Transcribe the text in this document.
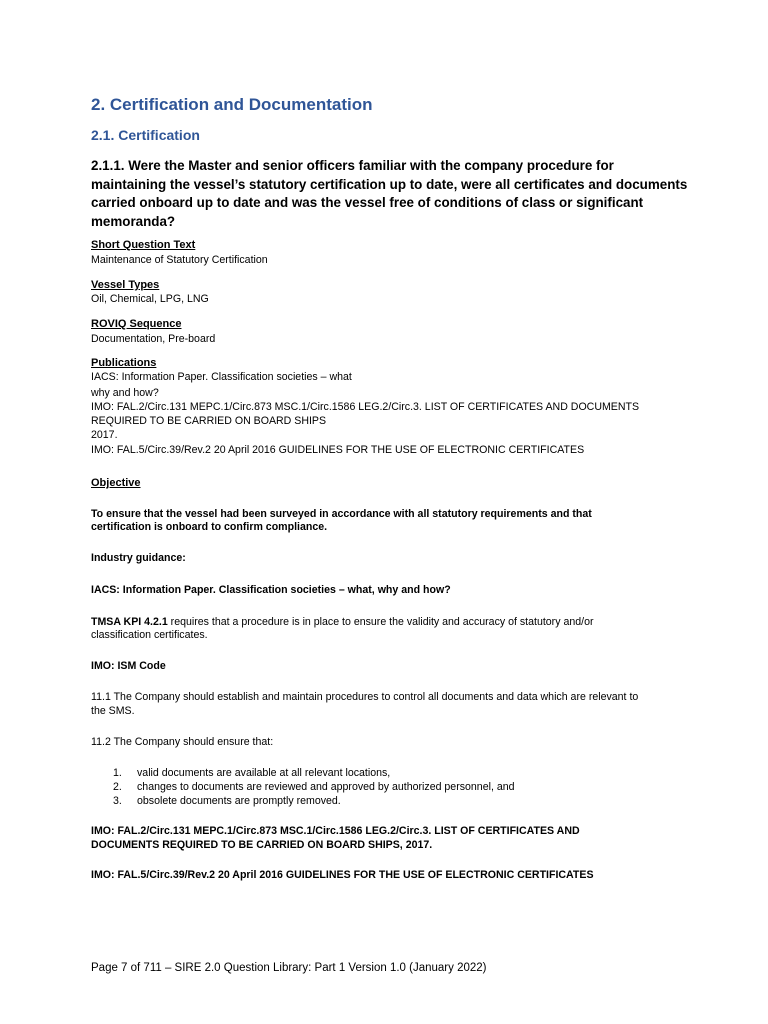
2. Certification and Documentation
2.1. Certification
2.1.1. Were the Master and senior officers familiar with the company procedure for maintaining the vessel’s statutory certification up to date, were all certificates and documents carried onboard up to date and was the vessel free of conditions of class or significant memoranda?
Short Question Text
Maintenance of Statutory Certification
Vessel Types
Oil, Chemical, LPG, LNG
ROVIQ Sequence
Documentation, Pre-board
Publications
IACS: Information Paper. Classification societies – what
why and how?
IMO: FAL.2/Circ.131 MEPC.1/Circ.873 MSC.1/Circ.1586 LEG.2/Circ.3. LIST OF CERTIFICATES AND DOCUMENTS
REQUIRED TO BE CARRIED ON BOARD SHIPS
2017.
IMO: FAL.5/Circ.39/Rev.2 20 April 2016 GUIDELINES FOR THE USE OF ELECTRONIC CERTIFICATES
Objective
To ensure that the vessel had been surveyed in accordance with all statutory requirements and that
certification is onboard to confirm compliance.
Industry guidance:
IACS: Information Paper. Classification societies – what, why and how?
TMSA KPI 4.2.1 requires that a procedure is in place to ensure the validity and accuracy of statutory and/or
classification certificates.
IMO: ISM Code
11.1 The Company should establish and maintain procedures to control all documents and data which are relevant to
the SMS.
11.2 The Company should ensure that:
1. valid documents are available at all relevant locations,
2. changes to documents are reviewed and approved by authorized personnel, and
3. obsolete documents are promptly removed.
IMO: FAL.2/Circ.131 MEPC.1/Circ.873 MSC.1/Circ.1586 LEG.2/Circ.3. LIST OF CERTIFICATES AND
DOCUMENTS REQUIRED TO BE CARRIED ON BOARD SHIPS, 2017.
IMO: FAL.5/Circ.39/Rev.2 20 April 2016 GUIDELINES FOR THE USE OF ELECTRONIC CERTIFICATES
Page 7 of 711 – SIRE 2.0 Question Library: Part 1 Version 1.0 (January 2022)
